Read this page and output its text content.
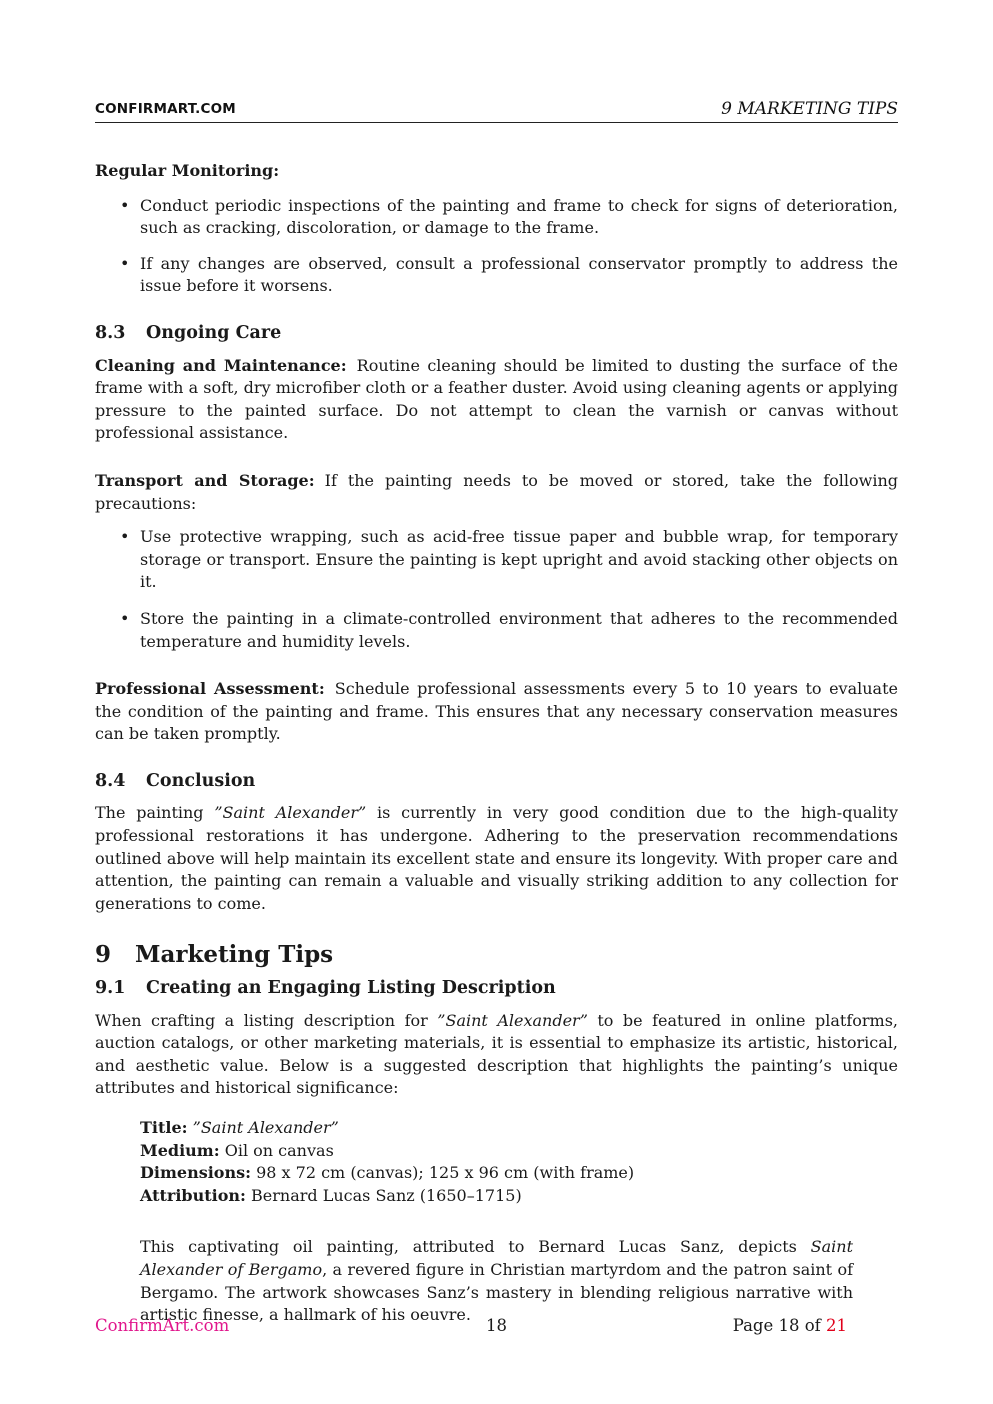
CONFIRMART.COM	9 MARKETING TIPS

Regular Monitoring:

• Conduct periodic inspections of the painting and frame to check for signs of deterioration, such as cracking, discoloration, or damage to the frame.
• If any changes are observed, consult a professional conservator promptly to address the issue before it worsens.
8.3 Ongoing Care

Cleaning and Maintenance: Routine cleaning should be limited to dusting the surface of the frame with a soft, dry microfiber cloth or a feather duster. Avoid using cleaning agents or applying pressure to the painted surface. Do not attempt to clean the varnish or canvas without professional assistance.

Transport and Storage: If the painting needs to be moved or stored, take the following precautions:

• Use protective wrapping, such as acid-free tissue paper and bubble wrap, for temporary storage or transport. Ensure the painting is kept upright and avoid stacking other objects on it.
• Store the painting in a climate-controlled environment that adheres to the recommended temperature and humidity levels.

Professional Assessment: Schedule professional assessments every 5 to 10 years to evaluate the condition of the painting and frame. This ensures that any necessary conservation measures can be taken promptly.

8.4 Conclusion

The painting ”Saint Alexander” is currently in very good condition due to the high-quality professional restorations it has undergone. Adhering to the preservation recommendations outlined above will help maintain its excellent state and ensure its longevity. With proper care and attention, the painting can remain a valuable and visually striking addition to any collection for generations to come.

9 Marketing Tips
9.1 Creating an Engaging Listing Description

When crafting a listing description for ”Saint Alexander” to be featured in online platforms, auction catalogs, or other marketing materials, it is essential to emphasize its artistic, historical, and aesthetic value. Below is a suggested description that highlights the painting’s unique attributes and historical significance:

Title: ”Saint Alexander”
Medium: Oil on canvas
Dimensions: 98 x 72 cm (canvas); 125 x 96 cm (with frame)
Attribution: Bernard Lucas Sanz (1650–1715)

This captivating oil painting, attributed to Bernard Lucas Sanz, depicts Saint Alexander of Bergamo, a revered figure in Christian martyrdom and the patron saint of Bergamo. The artwork showcases Sanz’s mastery in blending religious narrative with artistic finesse, a hallmark of his oeuvre.

ConfirmArt.com	18	Page 18 of 21
